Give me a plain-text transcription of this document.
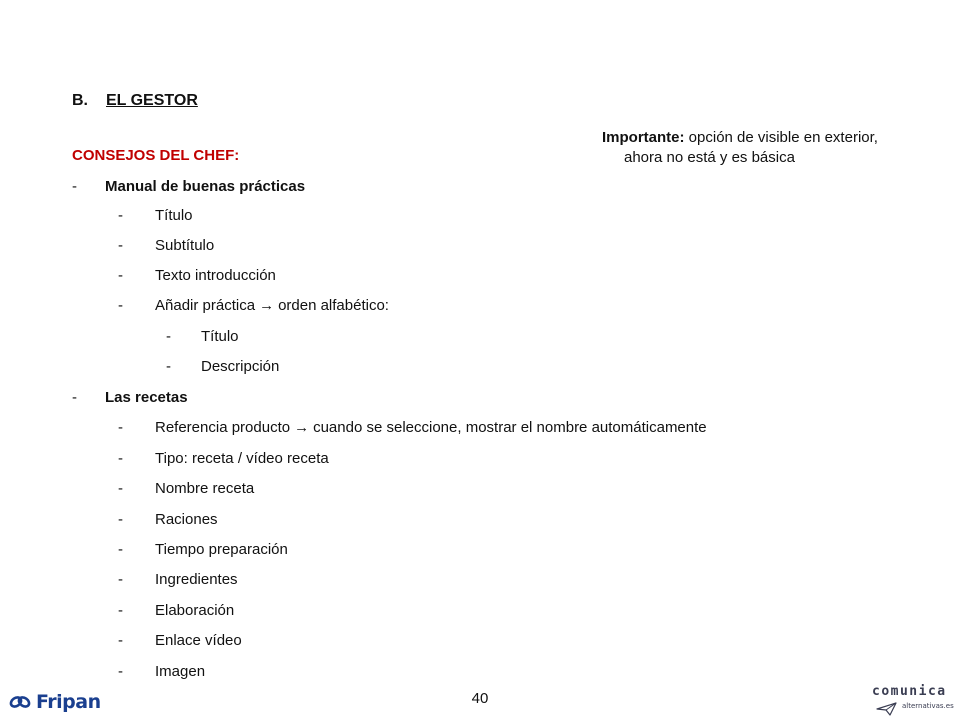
B. EL GESTOR
Importante: opción de visible en exterior,
ahora no está y es básica
CONSEJOS DEL CHEF:
-	Manual de buenas prácticas
-	Título
-	Subtítulo
-	Texto introducción
-	Añadir práctica → orden alfabético:
-	Título
-	Descripción
-	Las recetas
-	Referencia producto → cuando se seleccione, mostrar el nombre automáticamente
-	Tipo: receta / vídeo receta
-	Nombre receta
-	Raciones
-	Tiempo preparación
-	Ingredientes
-	Elaboración
-	Enlace vídeo
-	Imagen
40
Fripan	comunica
alternativas.es
